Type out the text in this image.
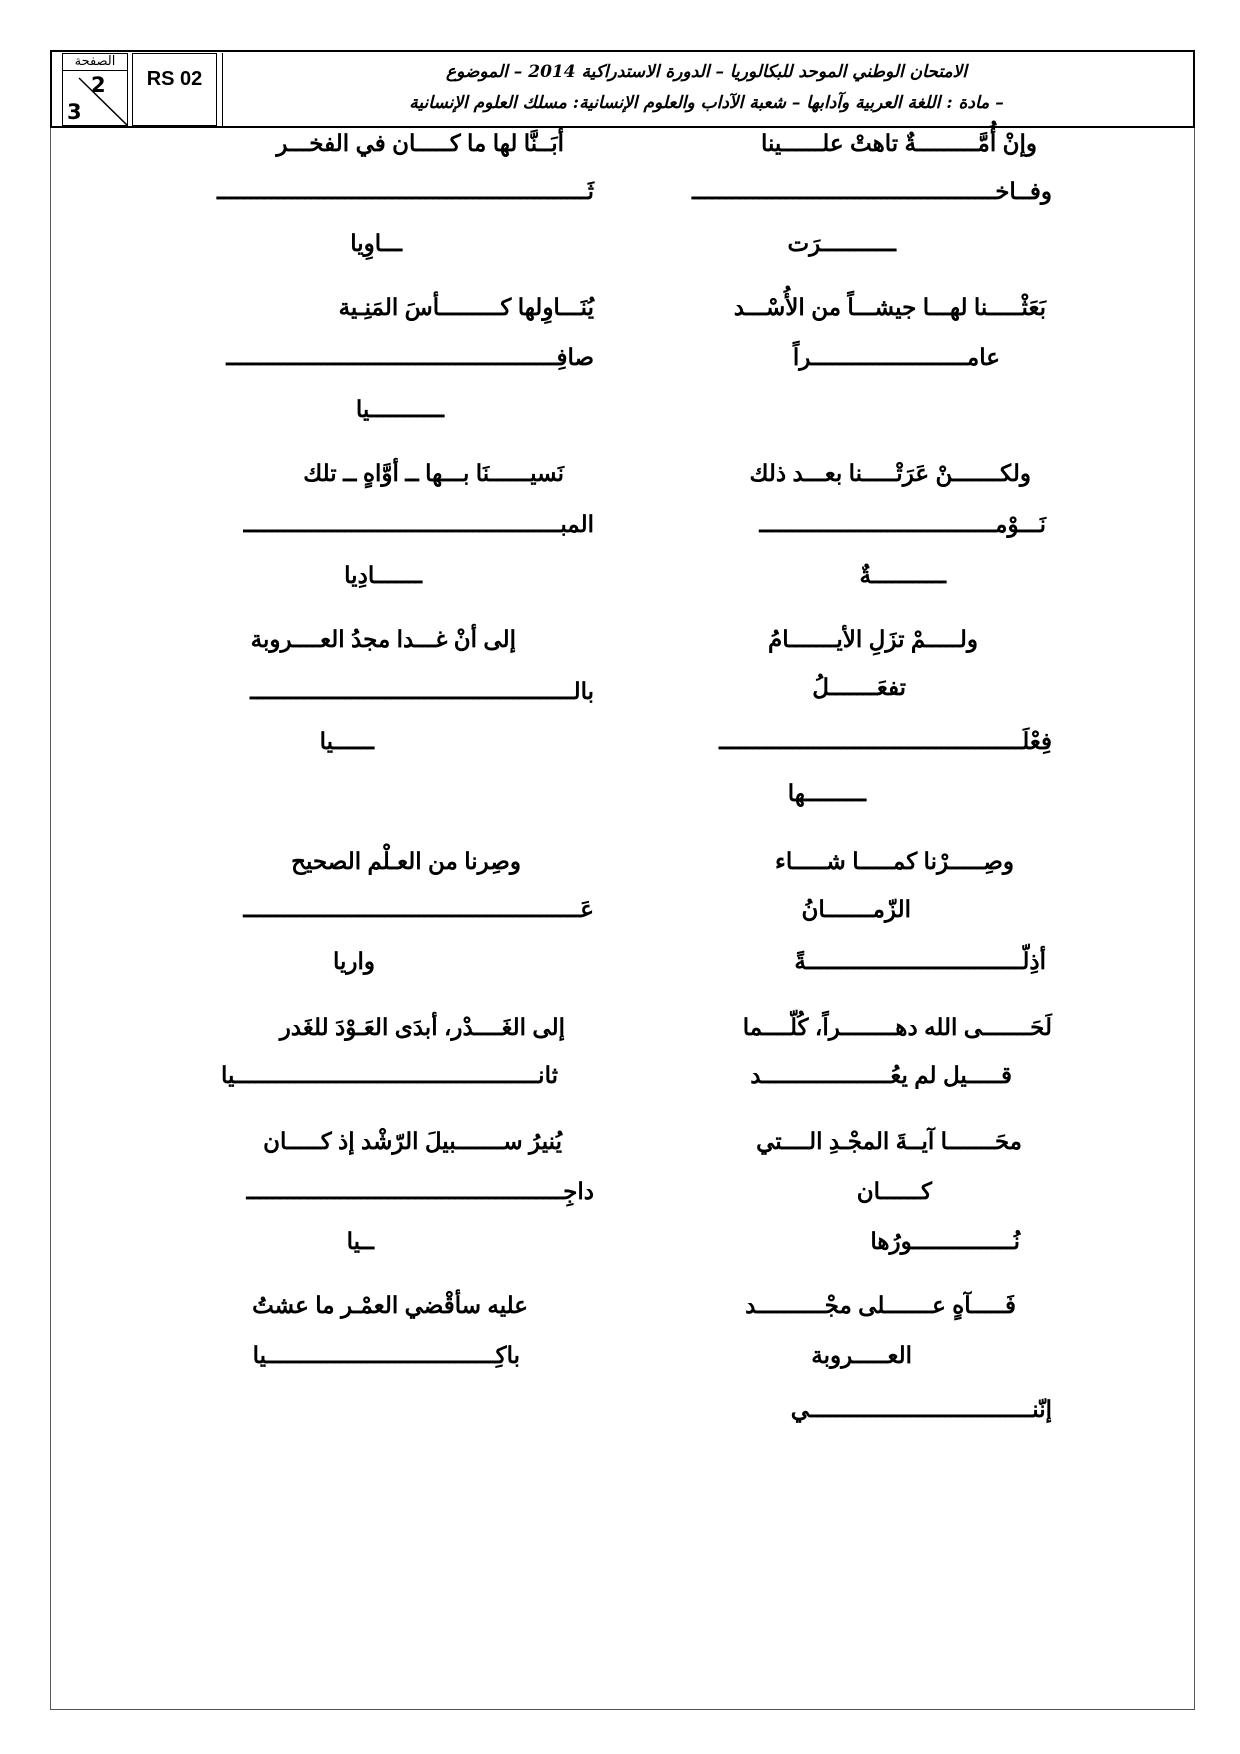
الصفحة
2
3
RS 02	الامتحان الوطني الموحد للبكالوريا – الدورة الاستدراكية 2014 – الموضوع
– مادة : اللغة العربية وآدابها – شعبة الآداب والعلوم الإنسانية: مسلك العلوم الإنسانية
وإنْ أُمَّـــــــــةٌ تاهتْ علــــــينا
أبَــنَّا لها ما كـــــان في الفخـــر
وفــاخـــــــــــــــــــــــــــــــــــــــــــــ
ثَـــــــــــــــــــــــــــــــــــــــــــــــــــــــ
ـــــــــــرَت
ـــاوِيا
بَعَثْـــــنا لهـــا جيشـــاً من الأُسْـــد
يُنَـــاوِلها كـــــــــأسَ المَنِـية
عامـــــــــــــــــــــــراً
صافِـــــــــــــــــــــــــــــــــــــــــــــــــ
ـــــــــــيا
ولكـــــــنْ عَرَتْـــــنا بعـــد ذلك
نَسيــــــنَا بـــها ــ أوَّاهٍ ــ تلك
نَـــوْمـــــــــــــــــــــــــــــــــــ
المبـــــــــــــــــــــــــــــــــــــــــــــــ
ـــــــــــةٌ
ـــــــادِيا
ولـــــمْ تزَلِ الأيـــــــامُ
إلى أنْ غـــدا مجدُ العــــروبة
تفعَـــــــلُ
بالــــــــــــــــــــــــــــــــــــــــــــــــ
فِعْلَـــــــــــــــــــــــــــــــــــــــــــــ
ــــــيا
ـــــــــها
وصِـــــرْنا كمـــــا شـــــاء
وصِرنا من العـلْم الصحيح
الزّمـــــــانُ
عَــــــــــــــــــــــــــــــــــــــــــــــــــ
أذِلّــــــــــــــــــــــــــــــــةً
واريا
لَحَـــــــى الله دهــــــــراً، كُلّــــما
إلى الغَــــدْر، أبدَى العَـوْدَ للغَدر
قـــــيل لم يعُـــــــــــــــــــد
ثانـــــــــــــــــــــــــــــــــــــــــــــيا
محَـــــــا آيــةَ المجْـدِ الــــتي
يُنيرُ ســـــــبيلَ الرّشْد إذ كـــــان
كــــــان
داجِـــــــــــــــــــــــــــــــــــــــــــــــ
نُـــــــــــــــورُها
ــيا
فَـــــآهٍ عـــــــلى مجْــــــــــد
عليه سأقْضي العمْـر ما عشتُ
العـــــروبة
باكِــــــــــــــــــــــــــــــــــيا
إنّنـــــــــــــــــــــــــــــــــي
